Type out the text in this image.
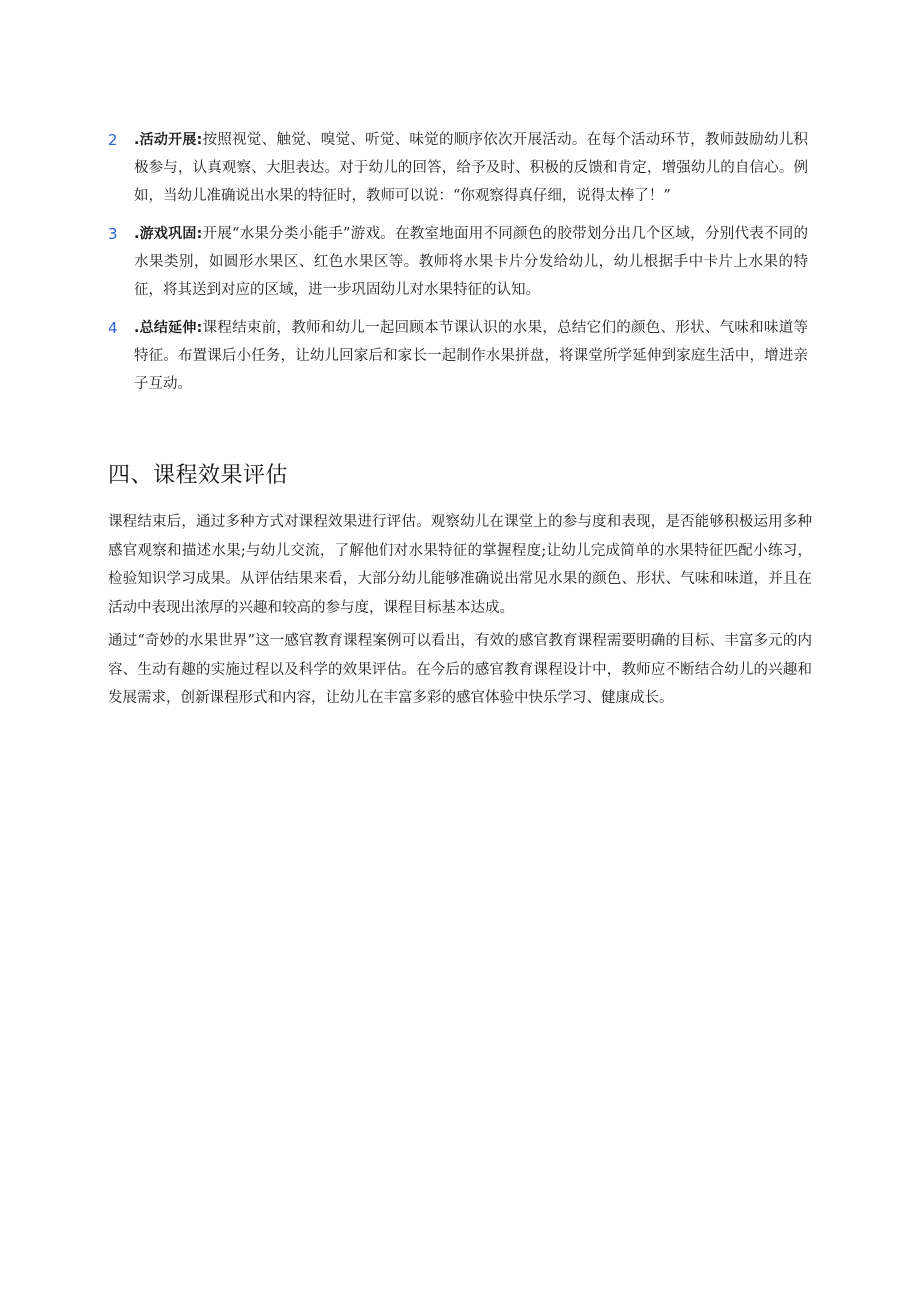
2 .活动开展:按照视觉、触觉、嗅觉、听觉、味觉的顺序依次开展活动。在每个活动环节，教师鼓励幼儿积极参与，认真观察、大胆表达。对于幼儿的回答，给予及时、积极的反馈和肯定，增强幼儿的自信心。例如，当幼儿准确说出水果的特征时，教师可以说：“你观察得真仔细，说得太棒了！”
3 .游戏巩固:开展“水果分类小能手”游戏。在教室地面用不同颜色的胶带划分出几个区域，分别代表不同的水果类别，如圆形水果区、红色水果区等。教师将水果卡片分发给幼儿，幼儿根据手中卡片上水果的特征，将其送到对应的区域，进一步巩固幼儿对水果特征的认知。
4 .总结延伸:课程结束前，教师和幼儿一起回顾本节课认识的水果，总结它们的颜色、形状、气味和味道等特征。布置课后小任务，让幼儿回家后和家长一起制作水果拼盘，将课堂所学延伸到家庭生活中，增进亲子互动。
四、课程效果评估

课程结束后，通过多种方式对课程效果进行评估。观察幼儿在课堂上的参与度和表现，是否能够积极运用多种感官观察和描述水果;与幼儿交流，了解他们对水果特征的掌握程度;让幼儿完成简单的水果特征匹配小练习，检验知识学习成果。从评估结果来看，大部分幼儿能够准确说出常见水果的颜色、形状、气味和味道，并且在活动中表现出浓厚的兴趣和较高的参与度，课程目标基本达成。

通过“奇妙的水果世界”这一感官教育课程案例可以看出，有效的感官教育课程需要明确的目标、丰富多元的内容、生动有趣的实施过程以及科学的效果评估。在今后的感官教育课程设计中，教师应不断结合幼儿的兴趣和发展需求，创新课程形式和内容，让幼儿在丰富多彩的感官体验中快乐学习、健康成长。
